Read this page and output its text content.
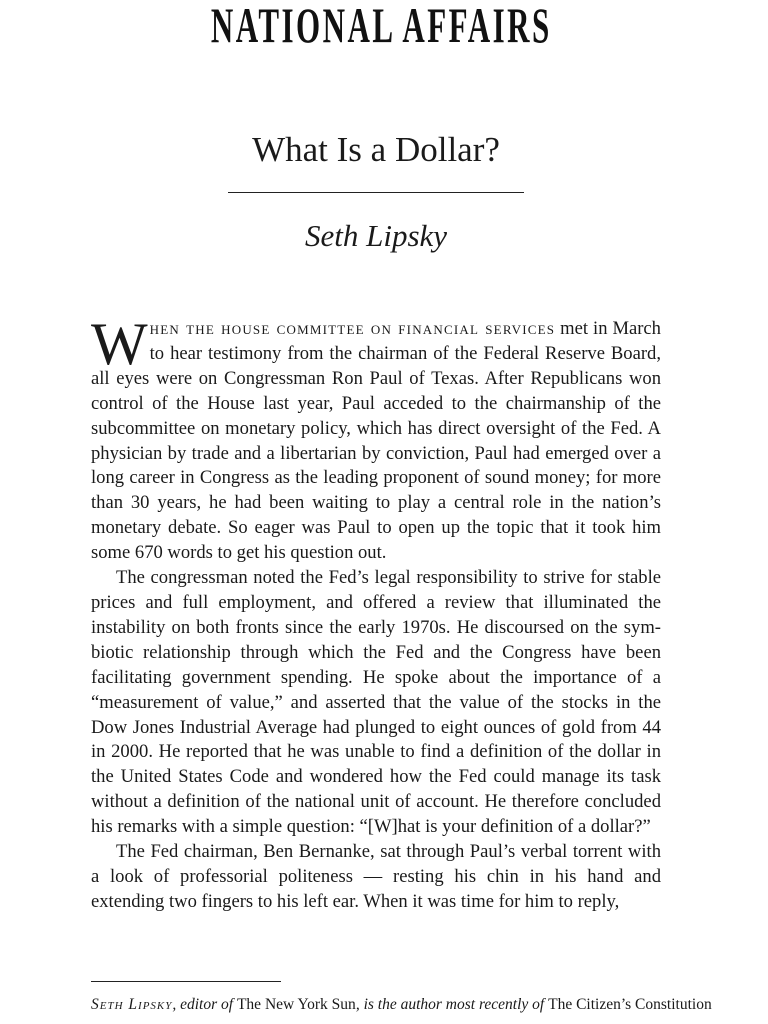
NATIONAL AFFAIRS
What Is a Dollar?
Seth Lipsky

When the house committee on financial services met in March to hear testimony from the chairman of the Federal Reserve Board, all eyes were on Congressman Ron Paul of Texas. After Republicans won control of the House last year, Paul acceded to the chairmanship of the subcommittee on monetary policy, which has direct oversight of the Fed. A physician by trade and a libertarian by conviction, Paul had emerged over a long career in Congress as the leading proponent of sound money; for more than 30 years, he had been waiting to play a central role in the nation’s monetary debate. So eager was Paul to open up the topic that it took him some 670 words to get his question out.

The congressman noted the Fed’s legal responsibility to strive for stable prices and full employment, and offered a review that illuminated the instability on both fronts since the early 1970s. He discoursed on the symbiotic relationship through which the Fed and the Congress have been facilitating government spending. He spoke about the importance of a “measurement of value,” and asserted that the value of the stocks in the Dow Jones Industrial Average had plunged to eight ounces of gold from 44 in 2000. He reported that he was unable to find a definition of the dollar in the United States Code and wondered how the Fed could manage its task without a definition of the national unit of account. He therefore concluded his remarks with a simple question: “[W]hat is your definition of a dollar?”

The Fed chairman, Ben Bernanke, sat through Paul’s verbal torrent with a look of professorial politeness — resting his chin in his hand and extending two fingers to his left ear. When it was time for him to reply,

Seth Lipsky, editor of The New York Sun, is the author most recently of The Citizen’s Constitution
